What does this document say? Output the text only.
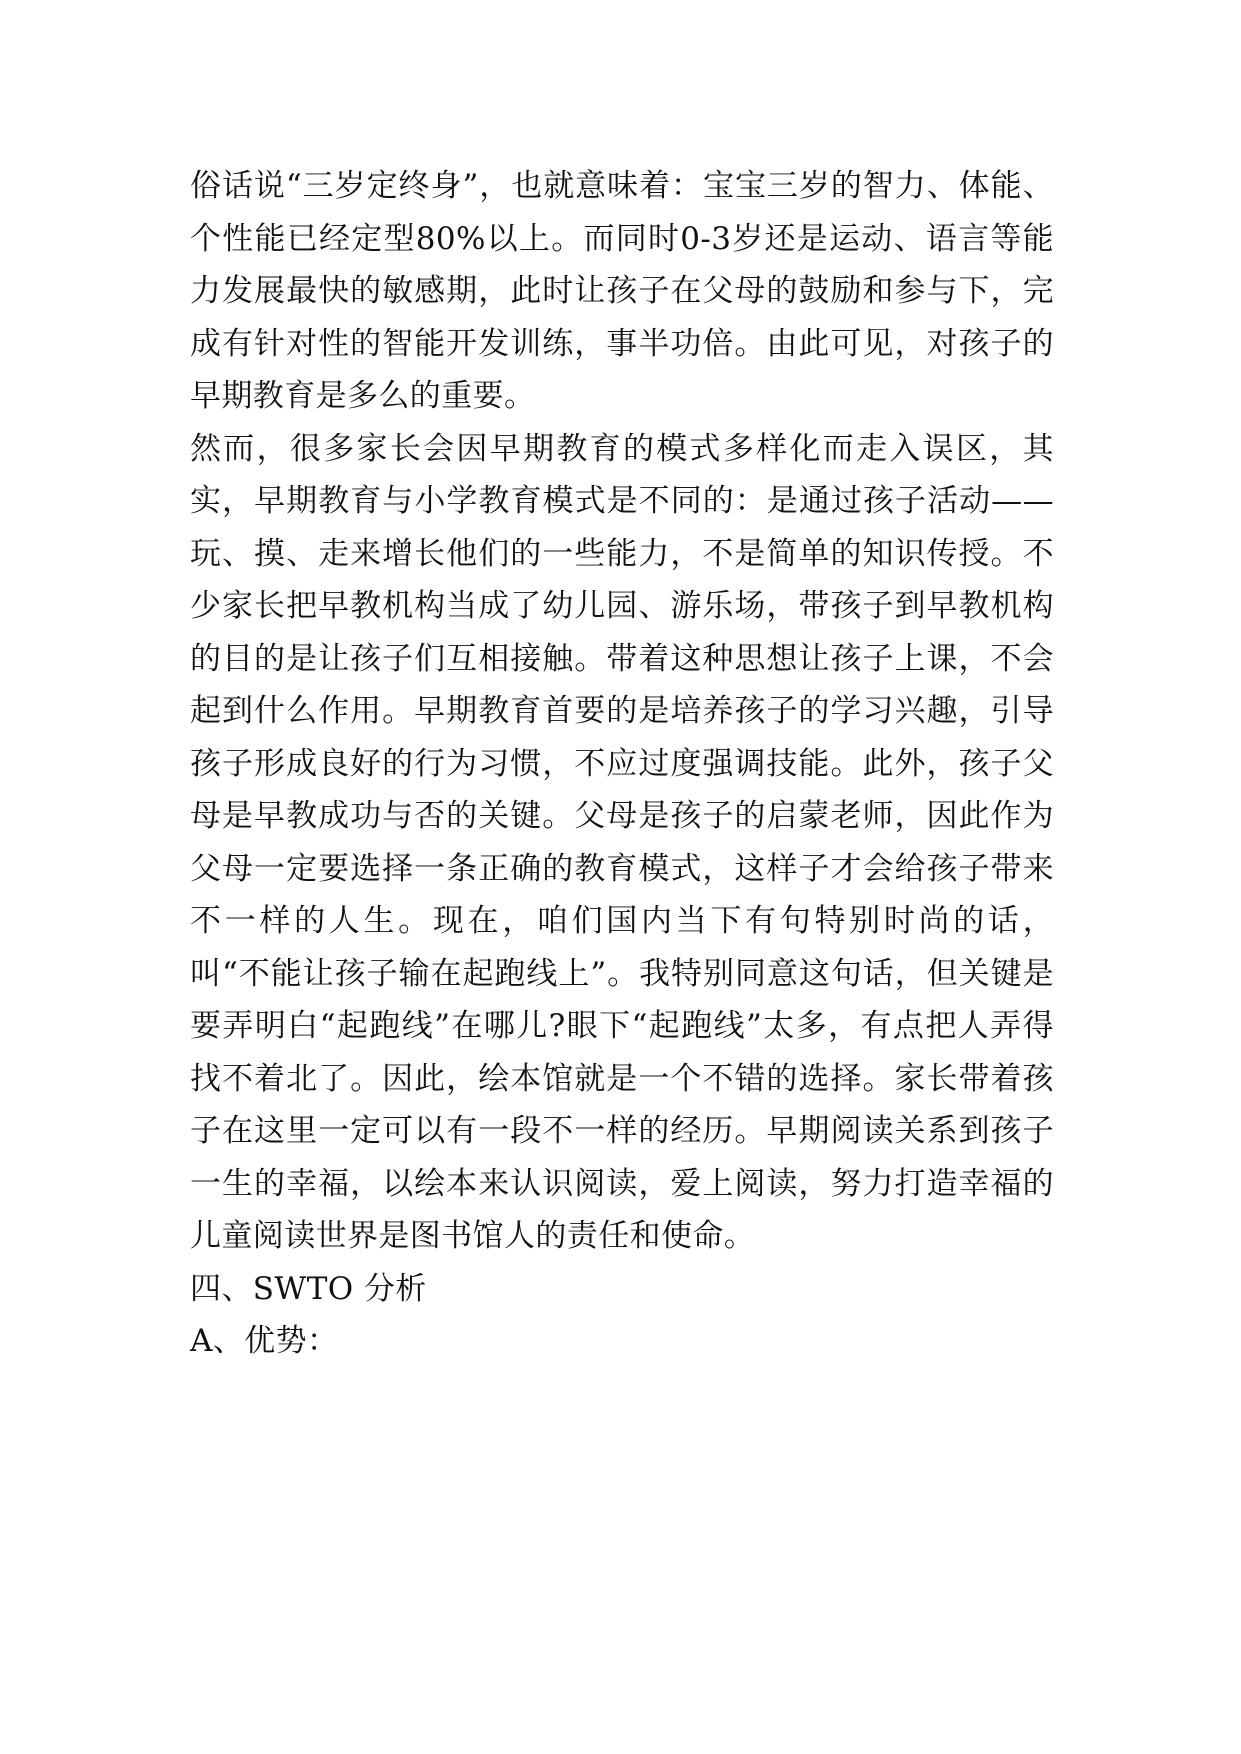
俗话说“三岁定终身”，也就意味着：宝宝三岁的智力、体能、个性能已经定型80%以上。而同时0-3岁还是运动、语言等能力发展最快的敏感期，此时让孩子在父母的鼓励和参与下，完成有针对性的智能开发训练，事半功倍。由此可见，对孩子的早期教育是多么的重要。

然而，很多家长会因早期教育的模式多样化而走入误区，其实，早期教育与小学教育模式是不同的：是通过孩子活动——玩、摸、走来增长他们的一些能力，不是简单的知识传授。不少家长把早教机构当成了幼儿园、游乐场，带孩子到早教机构的目的是让孩子们互相接触。带着这种思想让孩子上课，不会起到什么作用。早期教育首要的是培养孩子的学习兴趣，引导孩子形成良好的行为习惯，不应过度强调技能。此外，孩子父母是早教成功与否的关键。父母是孩子的启蒙老师，因此作为父母一定要选择一条正确的教育模式，这样子才会给孩子带来不一样的人生。现在，咱们国内当下有句特别时尚的话，叫“不能让孩子输在起跑线上”。我特别同意这句话，但关键是要弄明白“起跑线”在哪儿?眼下“起跑线”太多，有点把人弄得找不着北了。因此，绘本馆就是一个不错的选择。家长带着孩子在这里一定可以有一段不一样的经历。早期阅读关系到孩子一生的幸福，以绘本来认识阅读，爱上阅读，努力打造幸福的儿童阅读世界是图书馆人的责任和使命。

四、SWTO 分析

A、优势：
